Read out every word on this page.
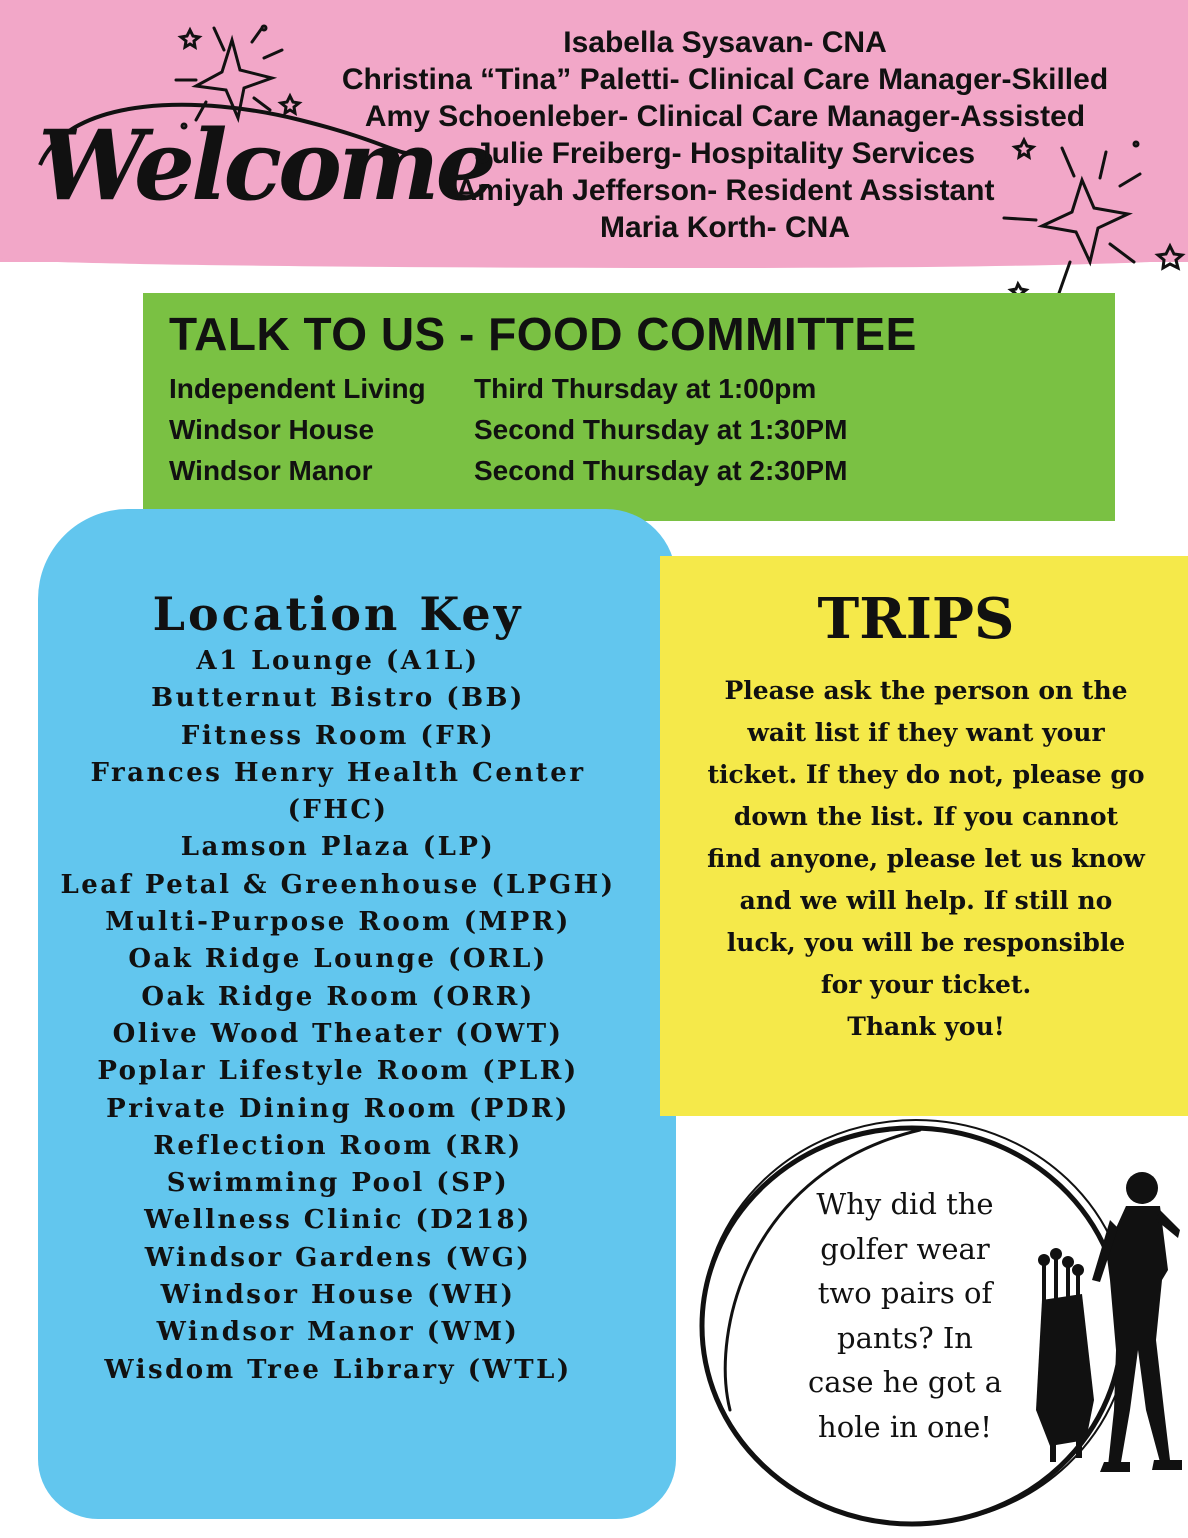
Welcome
Isabella Sysavan- CNA
Christina “Tina” Paletti- Clinical Care Manager-Skilled
Amy Schoenleber- Clinical Care Manager-Assisted
Julie Freiberg- Hospitality Services
Amiyah Jefferson- Resident Assistant
Maria Korth- CNA
TALK TO US - FOOD COMMITTEE
Independent Living Third Thursday at 1:00pm
Windsor House	Second Thursday at 1:30PM
Windsor Manor	Second Thursday at 2:30PM
Location Key
A1 Lounge (A1L)
Butternut Bistro (BB)
Fitness Room (FR)
Frances Henry Health Center
(FHC)
Lamson Plaza (LP)
Leaf Petal & Greenhouse (LPGH)
Multi-Purpose Room (MPR)
Oak Ridge Lounge (ORL)
Oak Ridge Room (ORR)
Olive Wood Theater (OWT)
Poplar Lifestyle Room (PLR)
Private Dining Room (PDR)
Reflection Room (RR)
Swimming Pool (SP)
Wellness Clinic (D218)
Windsor Gardens (WG)
Windsor House (WH)
Windsor Manor (WM)
Wisdom Tree Library (WTL)
TRIPS
Please ask the person on the
wait list if they want your
ticket. If they do not, please go
down the list. If you cannot
find anyone, please let us know
and we will help. If still no
luck, you will be responsible
for your ticket.
Thank you!
Why did the
golfer wear
two pairs of
pants? In
case he got a
hole in one!
